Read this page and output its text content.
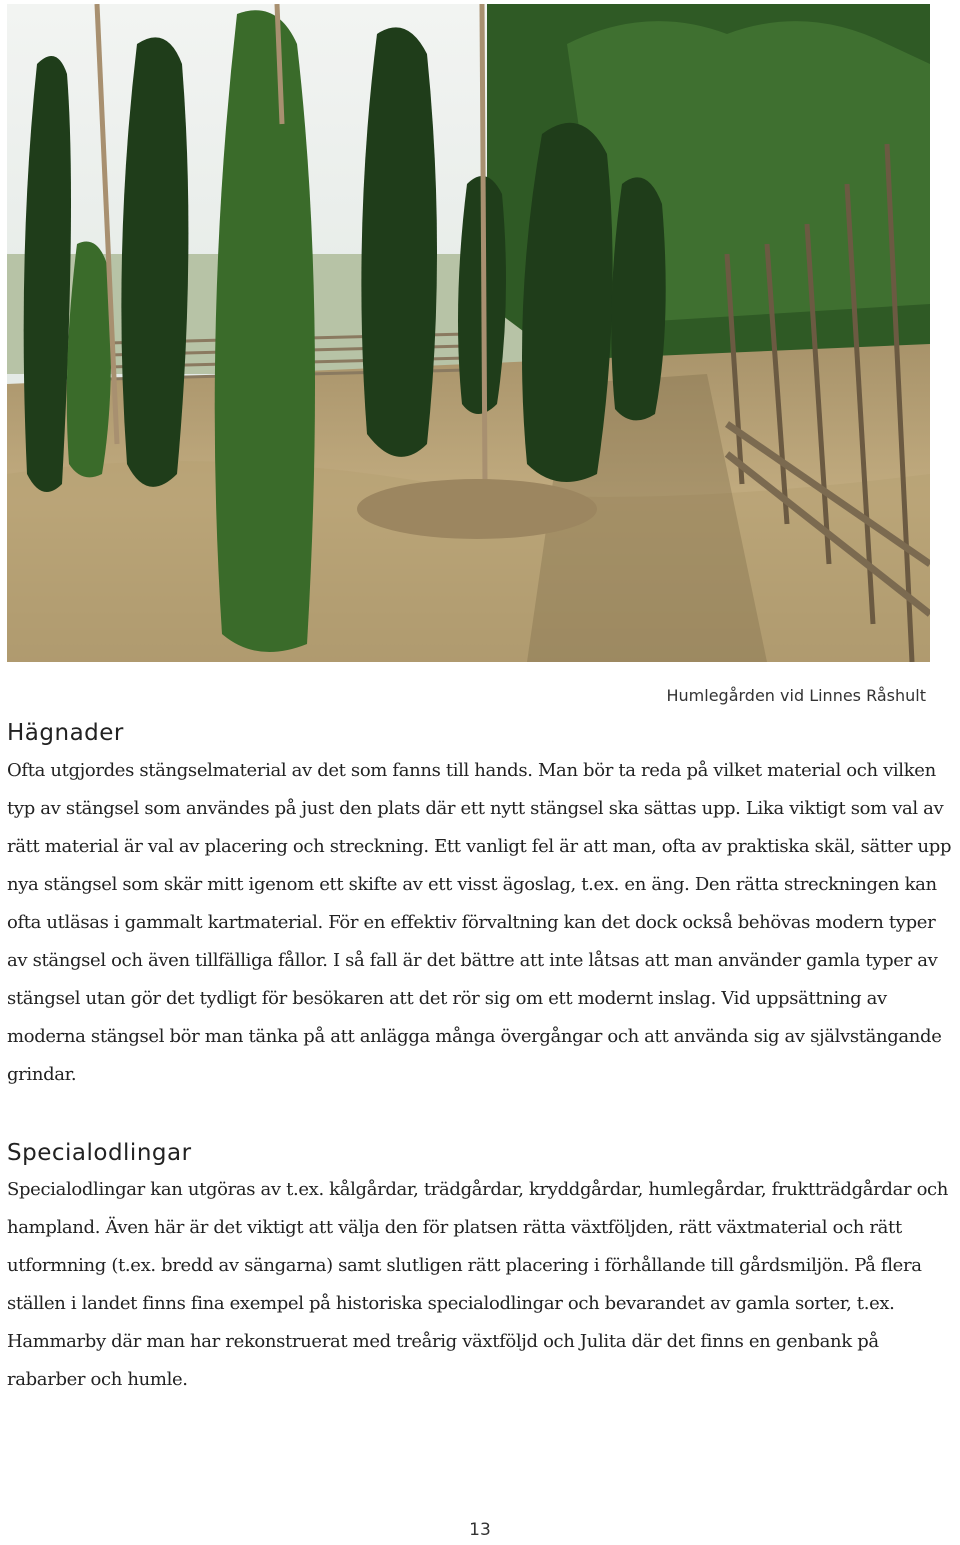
Humlegården vid Linnes Råshult
Hägnader

Ofta utgjordes stängselmaterial av det som fanns till hands. Man bör ta reda på vilket material och vilken typ av stängsel som användes på just den plats där ett nytt stängsel ska sättas upp. Lika viktigt som val av rätt material är val av placering och streckning. Ett vanligt fel är att man, ofta av praktiska skäl, sätter upp nya stängsel som skär mitt igenom ett skifte av ett visst ägoslag, t.ex. en äng. Den rätta streckningen kan ofta utläsas i gammalt kartmaterial. För en effektiv förvaltning kan det dock också behövas modern typer av stängsel och även tillfälliga fållor. I så fall är det bättre att inte låtsas att man använder gamla typer av stängsel utan gör det tydligt för besökaren att det rör sig om ett modernt inslag. Vid uppsättning av moderna stängsel bör man tänka på att anlägga många övergångar och att använda sig av självstängande grindar.

Specialodlingar

Specialodlingar kan utgöras av t.ex. kålgårdar, trädgårdar, kryddgårdar, humlegårdar, fruktträdgårdar och hampland. Även här är det viktigt att välja den för platsen rätta växtföljden, rätt växtmaterial och rätt utformning (t.ex. bredd av sängarna) samt slutligen rätt placering i förhållande till gårdsmiljön. På flera ställen i landet finns fina exempel på historiska specialodlingar och bevarandet av gamla sorter, t.ex. Hammarby där man har rekonstruerat med treårig växtföljd och Julita där det finns en genbank på rabarber och humle.

13
